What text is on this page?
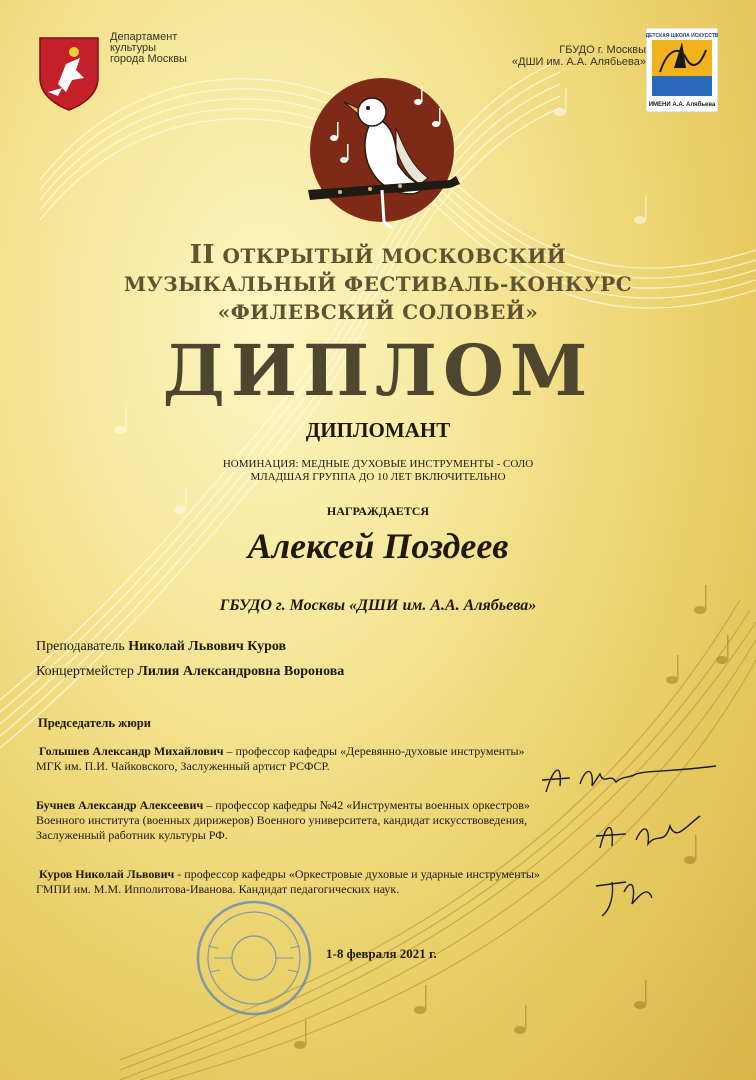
Департамент
культуры
города Москвы
ГБУДО г. Москвы
«ДШИ им. А.А. Алябьева»
ДЕТСКАЯ ШКОЛА ИСКУССТВ
ИМЕНИ А.А. Алябьева
II ОТКРЫТЫЙ МОСКОВСКИЙ
МУЗЫКАЛЬНЫЙ ФЕСТИВАЛЬ-КОНКУРС
«ФИЛЕВСКИЙ СОЛОВЕЙ»
ДИПЛОМ
ДИПЛОМАНТ
НОМИНАЦИЯ: МЕДНЫЕ ДУХОВЫЕ ИНСТРУМЕНТЫ - СОЛО
МЛАДШАЯ ГРУППА ДО 10 ЛЕТ ВКЛЮЧИТЕЛЬНО
НАГРАЖДАЕТСЯ
Алексей Поздеев
ГБУДО г. Москвы «ДШИ им. А.А. Алябьева»
Преподаватель Николай Львович Куров
Концертмейстер Лилия Александровна Воронова
Председатель жюри
Голышев Александр Михайлович – профессор кафедры «Деревянно-духовые инструменты»
МГК им. П.И. Чайковского, Заслуженный артист РСФСР.
Бучнев Александр Алексеевич – профессор кафедры №42 «Инструменты военных оркестров»
Военного института (военных дирижеров) Военного университета, кандидат искусствоведения,
Заслуженный работник культуры РФ.
Куров Николай Львович - профессор кафедры «Оркестровые духовые и ударные инструменты»
ГМПИ им. М.М. Ипполитова-Иванова. Кандидат педагогических наук.
1-8 февраля 2021 г.
